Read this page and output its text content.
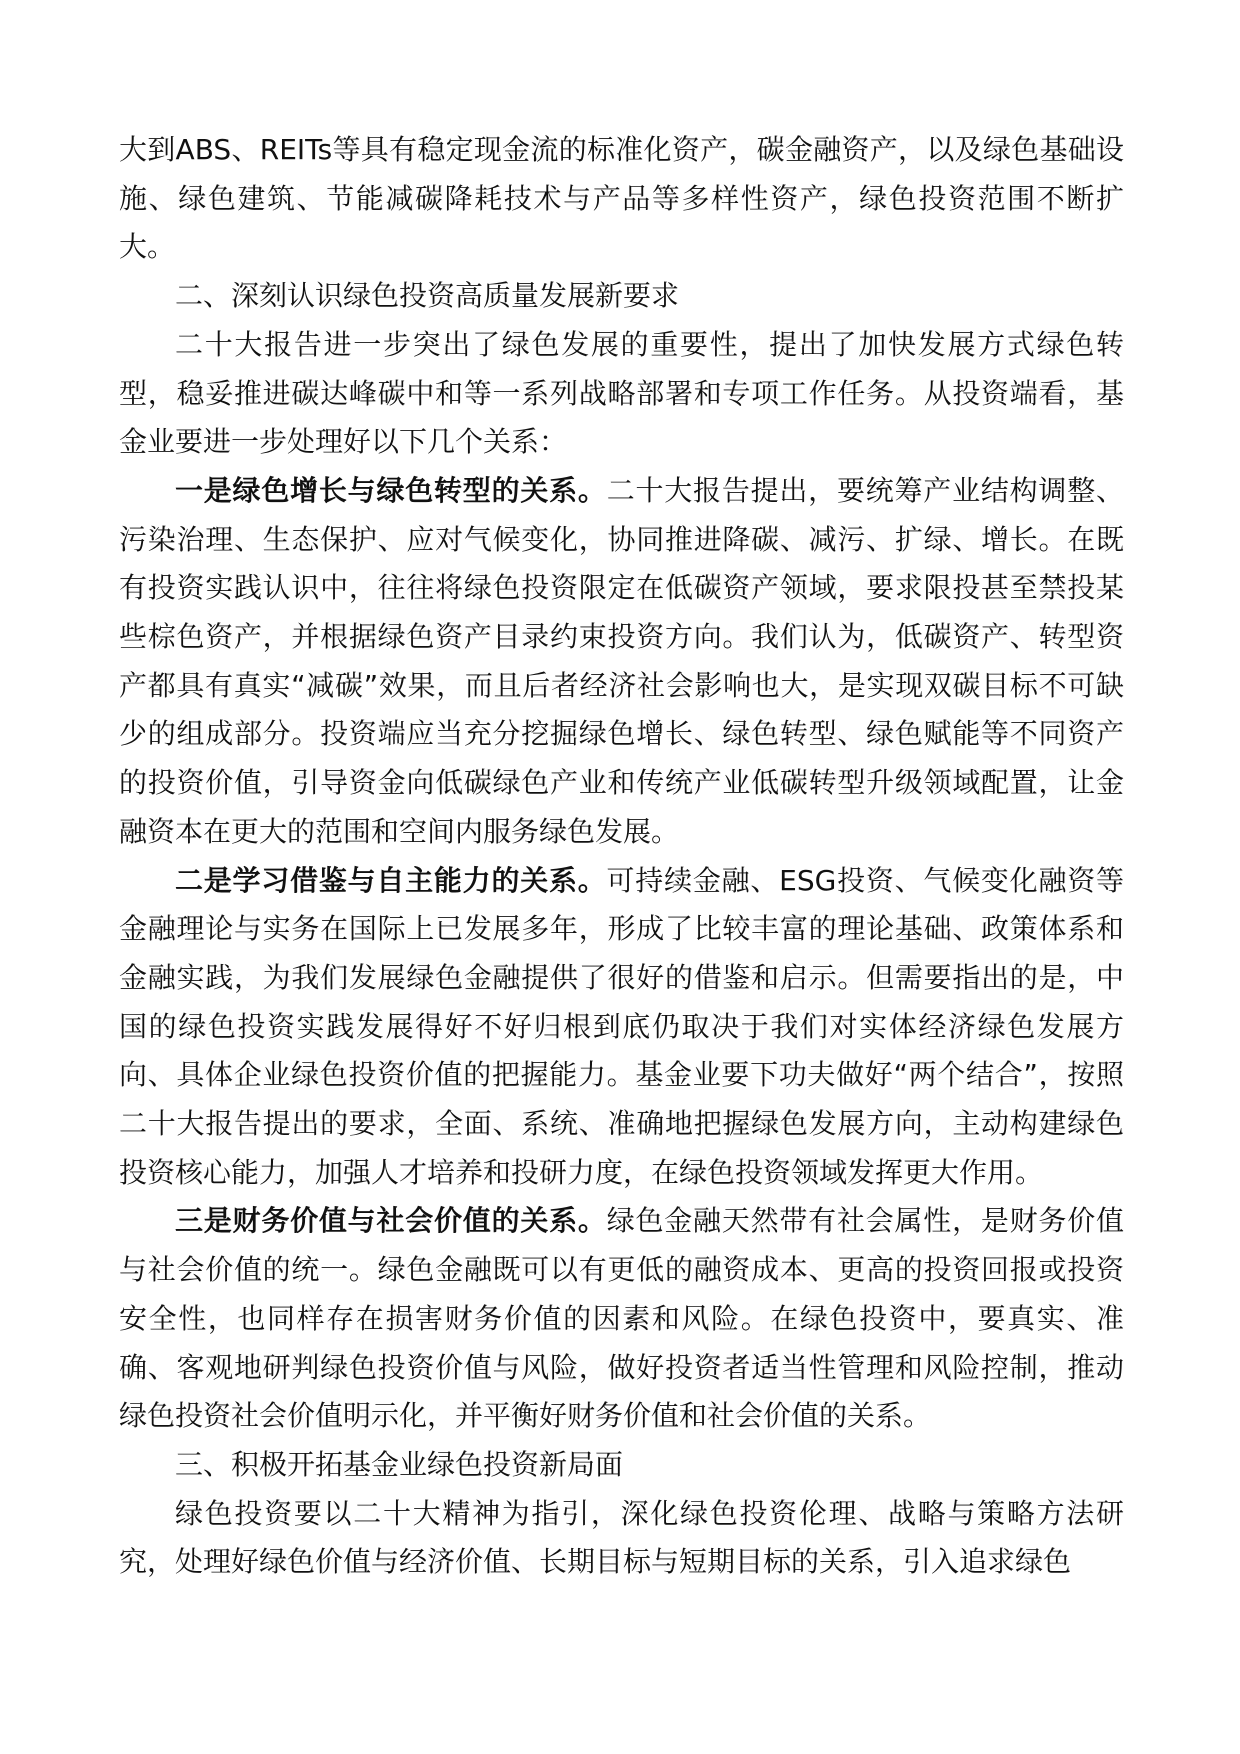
大到ABS、REITs等具有稳定现金流的标准化资产，碳金融资产，以及绿色基础设施、绿色建筑、节能减碳降耗技术与产品等多样性资产，绿色投资范围不断扩大。

二、深刻认识绿色投资高质量发展新要求

二十大报告进一步突出了绿色发展的重要性，提出了加快发展方式绿色转型，稳妥推进碳达峰碳中和等一系列战略部署和专项工作任务。从投资端看，基金业要进一步处理好以下几个关系：

一是绿色增长与绿色转型的关系。二十大报告提出，要统筹产业结构调整、污染治理、生态保护、应对气候变化，协同推进降碳、减污、扩绿、增长。在既有投资实践认识中，往往将绿色投资限定在低碳资产领域，要求限投甚至禁投某些棕色资产，并根据绿色资产目录约束投资方向。我们认为，低碳资产、转型资产都具有真实“减碳”效果，而且后者经济社会影响也大，是实现双碳目标不可缺少的组成部分。投资端应当充分挖掘绿色增长、绿色转型、绿色赋能等不同资产的投资价值，引导资金向低碳绿色产业和传统产业低碳转型升级领域配置，让金融资本在更大的范围和空间内服务绿色发展。

二是学习借鉴与自主能力的关系。可持续金融、ESG投资、气候变化融资等金融理论与实务在国际上已发展多年，形成了比较丰富的理论基础、政策体系和金融实践，为我们发展绿色金融提供了很好的借鉴和启示。但需要指出的是，中国的绿色投资实践发展得好不好归根到底仍取决于我们对实体经济绿色发展方向、具体企业绿色投资价值的把握能力。基金业要下功夫做好“两个结合”，按照二十大报告提出的要求，全面、系统、准确地把握绿色发展方向，主动构建绿色投资核心能力，加强人才培养和投研力度，在绿色投资领域发挥更大作用。

三是财务价值与社会价值的关系。绿色金融天然带有社会属性，是财务价值与社会价值的统一。绿色金融既可以有更低的融资成本、更高的投资回报或投资安全性，也同样存在损害财务价值的因素和风险。在绿色投资中，要真实、准确、客观地研判绿色投资价值与风险，做好投资者适当性管理和风险控制，推动绿色投资社会价值明示化，并平衡好财务价值和社会价值的关系。

三、积极开拓基金业绿色投资新局面

绿色投资要以二十大精神为指引，深化绿色投资伦理、战略与策略方法研究，处理好绿色价值与经济价值、长期目标与短期目标的关系，引入追求绿色
